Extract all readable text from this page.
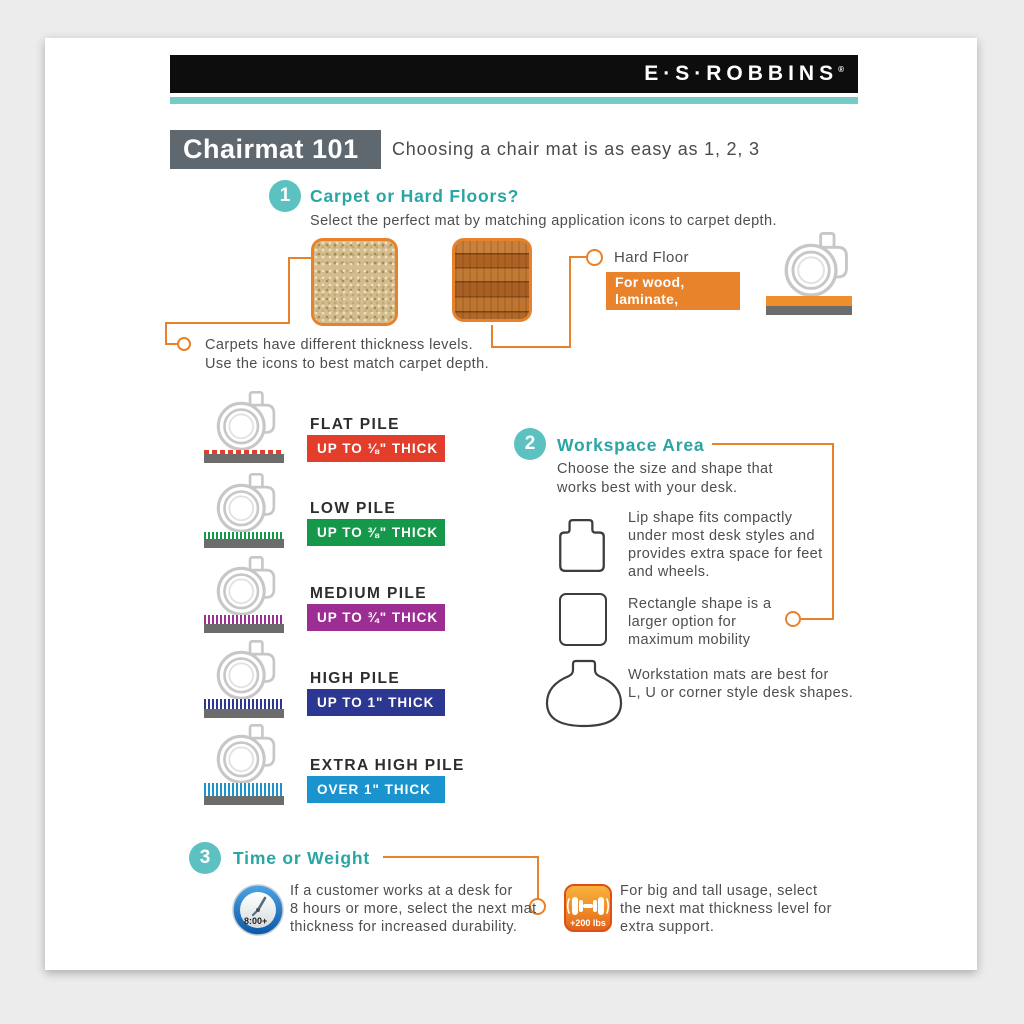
E·S·ROBBINS®
Chairmat 101	Choosing a chair mat is as easy as 1, 2, 3
1	Carpet or Hard Floors?
Select the perfect mat by matching application icons to carpet depth.
Carpets have different thickness levels.
Use the icons to best match carpet depth.
Hard Floor
For wood, laminate,
tile and more.
FLAT PILE
UP TO ⅛" THICK
LOW PILE
UP TO ⅜" THICK
MEDIUM PILE
UP TO ¾" THICK
HIGH PILE
UP TO 1" THICK
EXTRA HIGH PILE
OVER 1" THICK
2	Workspace Area
Choose the size and shape that
works best with your desk.
Lip shape fits compactly
under most desk styles and
provides extra space for feet
and wheels.
Rectangle shape is a
larger option for
maximum mobility
Workstation mats are best for
L, U or corner style desk shapes.
3	Time or Weight
8:00+
If a customer works at a desk for
8 hours or more, select the next mat
thickness for increased durability.	+200 lbs
For big and tall usage, select
the next mat thickness level for
extra support.
